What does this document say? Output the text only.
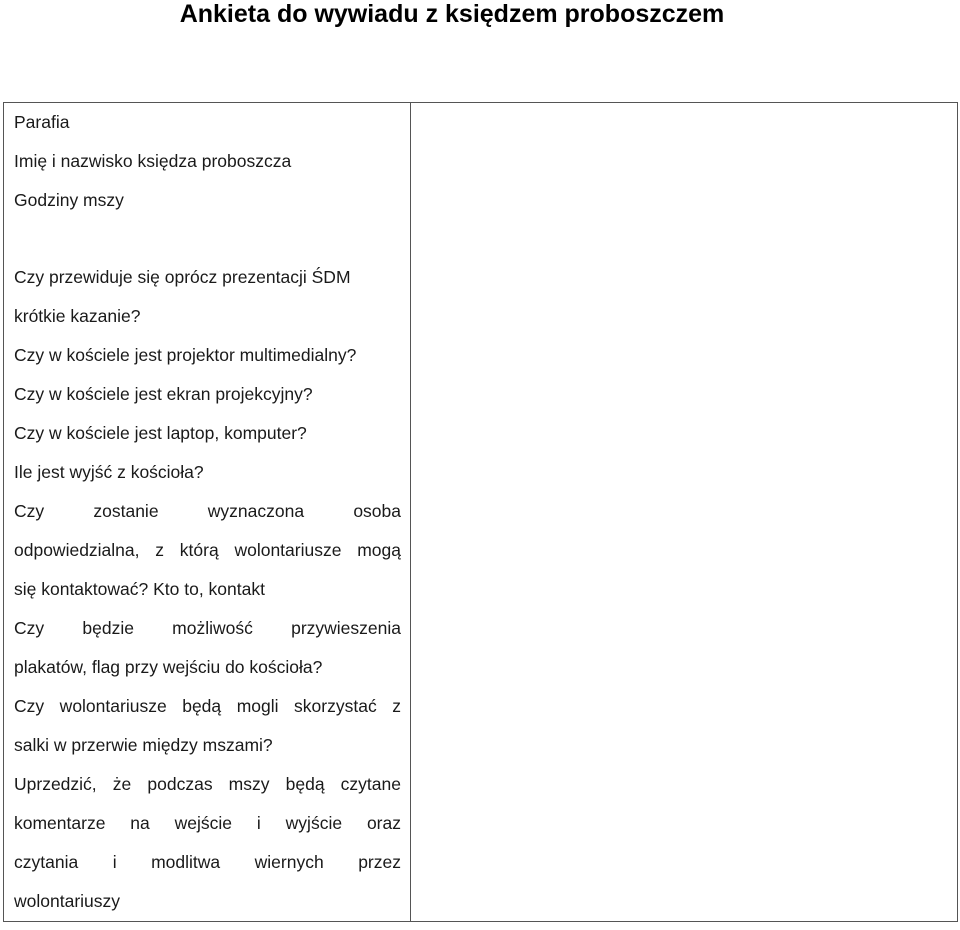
Ankieta do wywiadu z księdzem proboszczem
Parafia
Imię i nazwisko księdza proboszcza
Godziny mszy
Czy przewiduje się oprócz prezentacji ŚDM
krótkie kazanie?
Czy w kościele jest projektor multimedialny?
Czy w kościele jest ekran projekcyjny?
Czy w kościele jest laptop, komputer?
Ile jest wyjść z kościoła?
Czy zostanie wyznaczona osoba
odpowiedzialna, z którą wolontariusze mogą
się kontaktować? Kto to, kontakt
Czy będzie możliwość przywieszenia
plakatów, flag przy wejściu do kościoła?
Czy wolontariusze będą mogli skorzystać z
salki w przerwie między mszami?
Uprzedzić, że podczas mszy będą czytane
komentarze na wejście i wyjście oraz
czytania i modlitwa wiernych przez
wolontariuszy
